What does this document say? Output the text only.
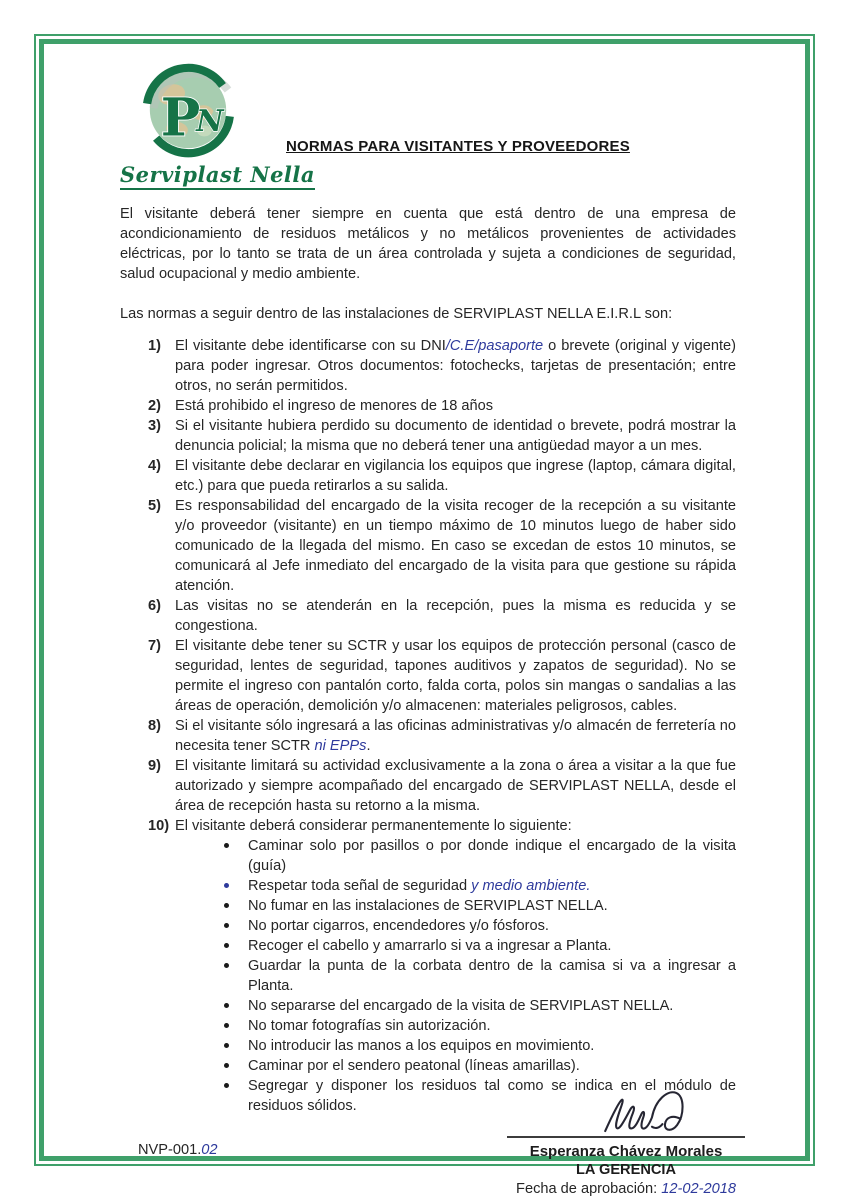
P
N
Serviplast Nella
NORMAS PARA VISITANTES Y PROVEEDORES

El visitante deberá tener siempre en cuenta que está dentro de una empresa de acondicionamiento de residuos metálicos y no metálicos provenientes de actividades eléctricas, por lo tanto se trata de un área controlada y sujeta a condiciones de seguridad, salud ocupacional y medio ambiente.

Las normas a seguir dentro de las instalaciones de SERVIPLAST NELLA E.I.R.L son:

1) El visitante debe identificarse con su DNI/C.E/pasaporte o brevete (original y vigente) para poder ingresar. Otros documentos: fotochecks, tarjetas de presentación; entre otros, no serán permitidos.
2) Está prohibido el ingreso de menores de 18 años
3) Si el visitante hubiera perdido su documento de identidad o brevete, podrá mostrar la denuncia policial; la misma que no deberá tener una antigüedad mayor a un mes.
4) El visitante debe declarar en vigilancia los equipos que ingrese (laptop, cámara digital, etc.) para que pueda retirarlos a su salida.
5) Es responsabilidad del encargado de la visita recoger de la recepción a su visitante y/o proveedor (visitante) en un tiempo máximo de 10 minutos luego de haber sido comunicado de la llegada del mismo. En caso se excedan de estos 10 minutos, se comunicará al Jefe inmediato del encargado de la visita para que gestione su rápida atención.
6) Las visitas no se atenderán en la recepción, pues la misma es reducida y se congestiona.
7) El visitante debe tener su SCTR y usar los equipos de protección personal (casco de seguridad, lentes de seguridad, tapones auditivos y zapatos de seguridad). No se permite el ingreso con pantalón corto, falda corta, polos sin mangas o sandalias a las áreas de operación, demolición y/o almacenen: materiales peligrosos, cables.
8) Si el visitante sólo ingresará a las oficinas administrativas y/o almacén de ferretería no necesita tener SCTR ni EPPs.
9) El visitante limitará su actividad exclusivamente a la zona o área a visitar a la que fue autorizado y siempre acompañado del encargado de SERVIPLAST NELLA, desde el área de recepción hasta su retorno a la misma.
10) El visitante deberá considerar permanentemente lo siguiente:
Caminar solo por pasillos o por donde indique el encargado de la visita (guía)
Respetar toda señal de seguridad y medio ambiente.
No fumar en las instalaciones de SERVIPLAST NELLA.
No portar cigarros, encendedores y/o fósforos.
Recoger el cabello y amarrarlo si va a ingresar a Planta.
Guardar la punta de la corbata dentro de la camisa si va a ingresar a Planta.
No separarse del encargado de la visita de SERVIPLAST NELLA.
No tomar fotografías sin autorización.
No introducir las manos a los equipos en movimiento.
Caminar por el sendero peatonal (líneas amarillas).
Segregar y disponer los residuos tal como se indica en el módulo de residuos sólidos.
NVP-001.02	Esperanza Chávez Morales
LA GERENCIA
Fecha de aprobación: 12-02-2018
